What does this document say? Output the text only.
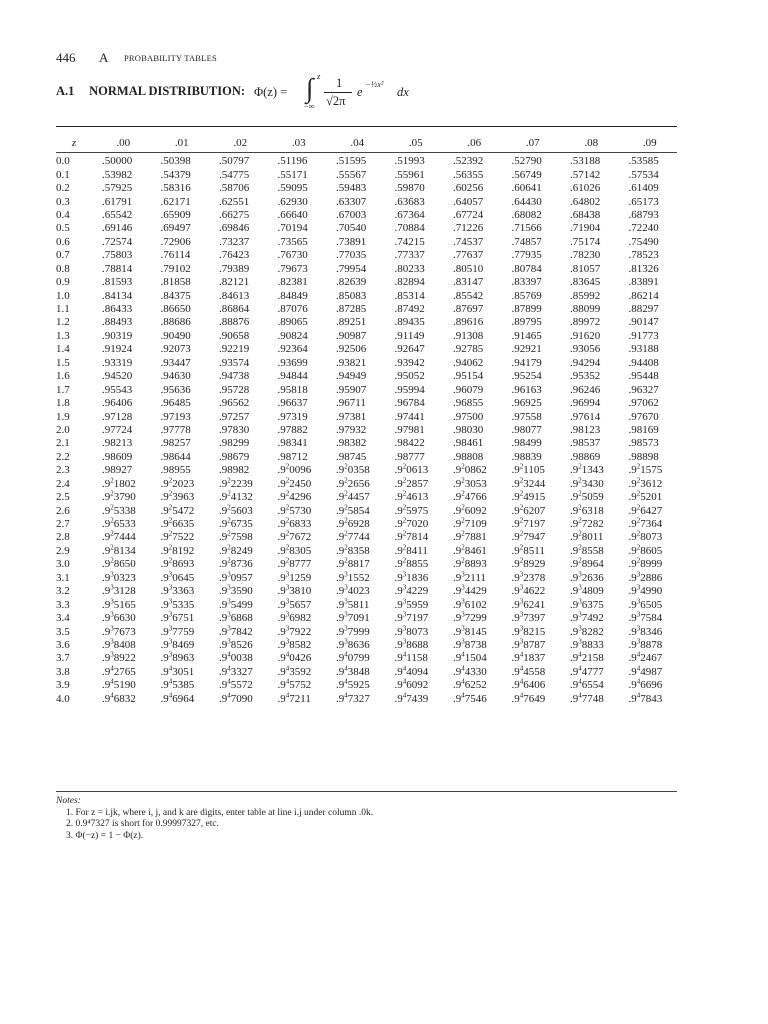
446 A PROBABILITY TABLES
A.1 NORMAL DISTRIBUTION: Φ(z) = ∫ z
−∞
1
√2π
e
−½x²
dx
z	.00	.01	.02	.03	.04	.05	.06	.07	.08	.09
0.0	.50000	.50398	.50797	.51196	.51595	.51993	.52392	.52790	.53188	.53585
0.1	.53982	.54379	.54775	.55171	.55567	.55961	.56355	.56749	.57142	.57534
0.2	.57925	.58316	.58706	.59095	.59483	.59870	.60256	.60641	.61026	.61409
0.3	.61791	.62171	.62551	.62930	.63307	.63683	.64057	.64430	.64802	.65173
0.4	.65542	.65909	.66275	.66640	.67003	.67364	.67724	.68082	.68438	.68793
0.5	.69146	.69497	.69846	.70194	.70540	.70884	.71226	.71566	.71904	.72240
0.6	.72574	.72906	.73237	.73565	.73891	.74215	.74537	.74857	.75174	.75490
0.7	.75803	.76114	.76423	.76730	.77035	.77337	.77637	.77935	.78230	.78523
0.8	.78814	.79102	.79389	.79673	.79954	.80233	.80510	.80784	.81057	.81326
0.9	.81593	.81858	.82121	.82381	.82639	.82894	.83147	.83397	.83645	.83891
1.0	.84134	.84375	.84613	.84849	.85083	.85314	.85542	.85769	.85992	.86214
1.1	.86433	.86650	.86864	.87076	.87285	.87492	.87697	.87899	.88099	.88297
1.2	.88493	.88686	.88876	.89065	.89251	.89435	.89616	.89795	.89972	.90147
1.3	.90319	.90490	.90658	.90824	.90987	.91149	.91308	.91465	.91620	.91773
1.4	.91924	.92073	.92219	.92364	.92506	.92647	.92785	.92921	.93056	.93188
1.5	.93319	.93447	.93574	.93699	.93821	.93942	.94062	.94179	.94294	.94408
1.6	.94520	.94630	.94738	.94844	.94949	.95052	.95154	.95254	.95352	.95448
1.7	.95543	.95636	.95728	.95818	.95907	.95994	.96079	.96163	.96246	.96327
1.8	.96406	.96485	.96562	.96637	.96711	.96784	.96855	.96925	.96994	.97062
1.9	.97128	.97193	.97257	.97319	.97381	.97441	.97500	.97558	.97614	.97670
2.0	.97724	.97778	.97830	.97882	.97932	.97981	.98030	.98077	.98123	.98169
2.1	.98213	.98257	.98299	.98341	.98382	.98422	.98461	.98499	.98537	.98573
2.2	.98609	.98644	.98679	.98712	.98745	.98777	.98808	.98839	.98869	.98898
2.3	.98927	.98955	.98982	$.9^20096$	$.9^20358$	$.9^20613$	$.9^20862$	$.9^21105$	$.9^21343$	$.9^21575$
2.4	$.9^21802$	$.9^22023$	$.9^22239$	$.9^22450$	$.9^22656$	$.9^22857$	$.9^23053$	$.9^23244$	$.9^23430$	$.9^23612$
2.5	$.9^23790$	$.9^23963$	$.9^24132$	$.9^24296$	$.9^24457$	$.9^24613$	$.9^24766$	$.9^24915$	$.9^25059$	$.9^25201$
2.6	$.9^25338$	$.9^25472$	$.9^25603$	$.9^25730$	$.9^25854$	$.9^25975$	$.9^26092$	$.9^26207$	$.9^26318$	$.9^26427$
2.7	$.9^26533$	$.9^26635$	$.9^26735$	$.9^26833$	$.9^26928$	$.9^27020$	$.9^27109$	$.9^27197$	$.9^27282$	$.9^27364$
2.8	$.9^27444$	$.9^27522$	$.9^27598$	$.9^27672$	$.9^27744$	$.9^27814$	$.9^27881$	$.9^27947$	$.9^28011$	$.9^28073$
2.9	$.9^28134$	$.9^28192$	$.9^28249$	$.9^28305$	$.9^28358$	$.9^28411$	$.9^28461$	$.9^28511$	$.9^28558$	$.9^28605$
3.0	$.9^28650$	$.9^28693$	$.9^28736$	$.9^28777$	$.9^28817$	$.9^28855$	$.9^28893$	$.9^28929$	$.9^28964$	$.9^28999$
3.1	$.9^30323$	$.9^30645$	$.9^30957$	$.9^31259$	$.9^31552$	$.9^31836$	$.9^32111$	$.9^32378$	$.9^32636$	$.9^32886$
3.2	$.9^33128$	$.9^33363$	$.9^33590$	$.9^33810$	$.9^34023$	$.9^34229$	$.9^34429$	$.9^34622$	$.9^34809$	$.9^34990$
3.3	$.9^35165$	$.9^35335$	$.9^35499$	$.9^35657$	$.9^35811$	$.9^35959$	$.9^36102$	$.9^36241$	$.9^36375$	$.9^36505$
3.4	$.9^36630$	$.9^36751$	$.9^36868$	$.9^36982$	$.9^37091$	$.9^37197$	$.9^37299$	$.9^37397$	$.9^37492$	$.9^37584$
3.5	$.9^37673$	$.9^37759$	$.9^37842$	$.9^37922$	$.9^37999$	$.9^38073$	$.9^38145$	$.9^38215$	$.9^38282$	$.9^38346$
3.6	$.9^38408$	$.9^38469$	$.9^38526$	$.9^38582$	$.9^38636$	$.9^38688$	$.9^38738$	$.9^38787$	$.9^38833$	$.9^38878$
3.7	$.9^38922$	$.9^38963$	$.9^40038$	$.9^40426$	$.9^40799$	$.9^41158$	$.9^41504$	$.9^41837$	$.9^42158$	$.9^42467$
3.8	$.9^42765$	$.9^43051$	$.9^43327$	$.9^43592$	$.9^43848$	$.9^44094$	$.9^44330$	$.9^44558$	$.9^44777$	$.9^44987$
3.9	$.9^45190$	$.9^45385$	$.9^45572$	$.9^45752$	$.9^45925$	$.9^46092$	$.9^46252$	$.9^46406$	$.9^46554$	$.9^46696$
4.0	$.9^46832$	$.9^46964$	$.9^47090$	$.9^47211$	$.9^47327$	$.9^47439$	$.9^47546$	$.9^47649$	$.9^47748$	$.9^47843$
Notes:
1. For z = i.jk, where i, j, and k are digits, enter table at line i.j under column .0k.
2. 0.9⁴7327 is short for 0.99997327, etc.
3. Φ(−z) = 1 − Φ(z).
